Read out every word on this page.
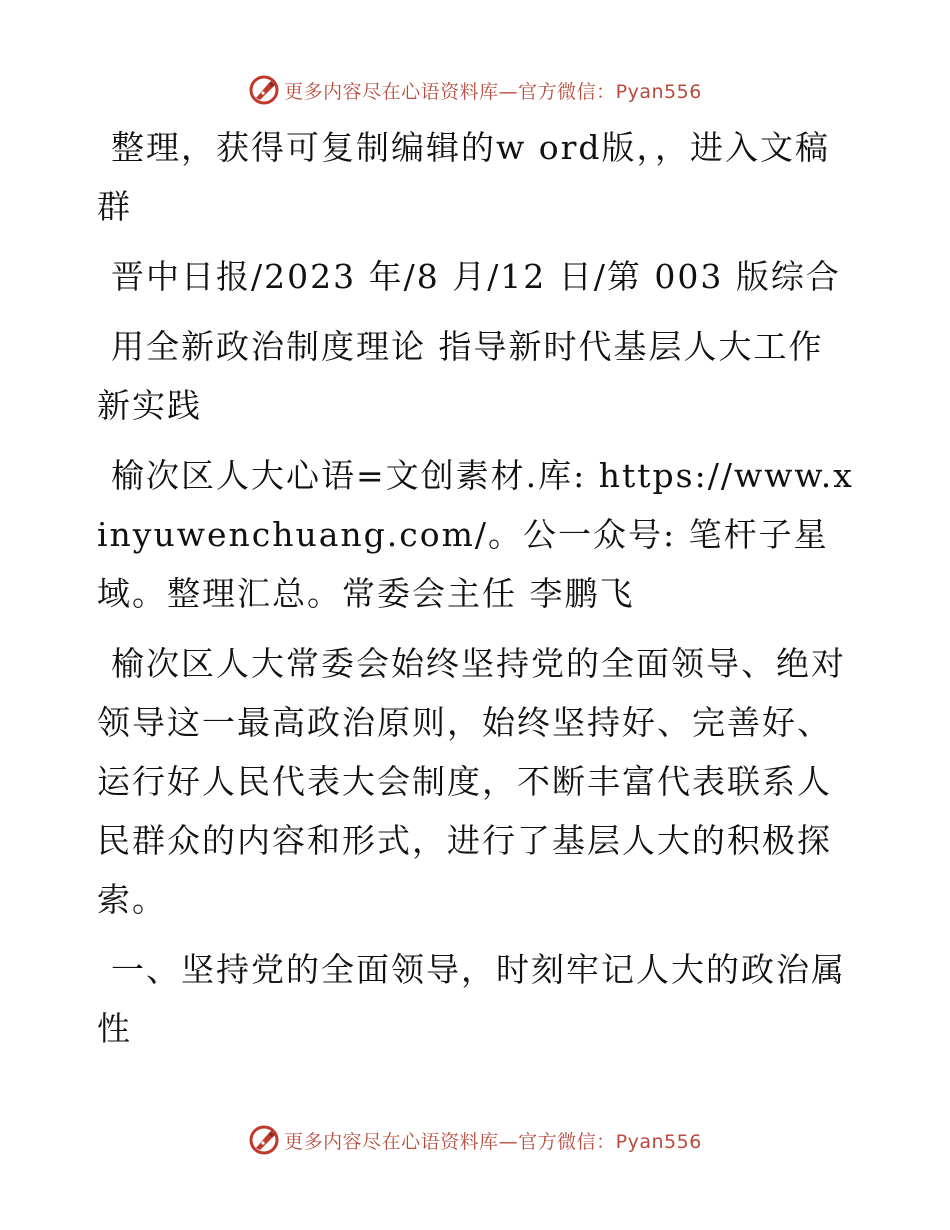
更多内容尽在心语资料库—官方微信：Pyan556

整理，获得可复制编辑的w ord版，，进入文稿群

晋中日报/2023 年/8 月/12 日/第 003 版综合

用全新政治制度理论 指导新时代基层人大工作新实践

榆次区人大心语=文创素材.库: https://www.xinyuwenchuang.com/。公一众号: 笔杆子星域。整理汇总。常委会主任 李鹏飞

榆次区人大常委会始终坚持党的全面领导、绝对领导这一最高政治原则，始终坚持好、完善好、运行好人民代表大会制度，不断丰富代表联系人民群众的内容和形式，进行了基层人大的积极探索。

一、坚持党的全面领导，时刻牢记人大的政治属性

更多内容尽在心语资料库—官方微信：Pyan556
